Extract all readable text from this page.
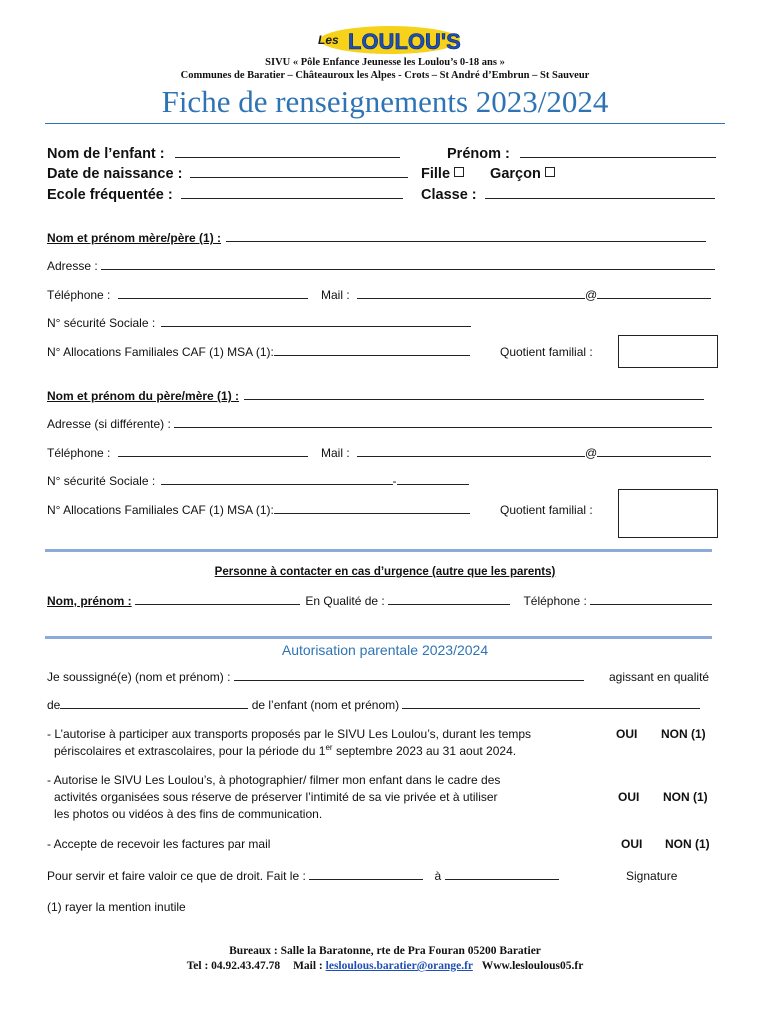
Les LOULOU'S
SIVU « Pôle Enfance Jeunesse les Loulou’s 0-18 ans »
Communes de Baratier – Châteauroux les Alpes - Crots – St André d’Embrun – St Sauveur
Fiche de renseignements 2023/2024
Nom de l’enfant :	Prénom :
Date de naissance :	Fille	Garçon
Ecole fréquentée :	Classe :
Nom et prénom mère/père (1) :
Adresse :
Téléphone :	Mail :	@
N° sécurité Sociale :
N° Allocations Familiales CAF (1) MSA (1):	Quotient familial :
Nom et prénom du père/mère (1) :
Adresse (si différente) :
Téléphone :	Mail :	@
N° sécurité Sociale :	-
N° Allocations Familiales CAF (1) MSA (1):	Quotient familial :
Personne à contacter en cas d’urgence (autre que les parents)
Nom, prénom :	En Qualité de :	Téléphone :
Autorisation parentale 2023/2024
Je soussigné(e) (nom et prénom) :	agissant en qualité
de	de l’enfant (nom et prénom)
- L’autorise à participer aux transports proposés par le SIVU Les Loulou’s, durant les temps
périscolaires et extrascolaires, pour la période du 1er septembre 2023 au 31 aout 2024.
OUI NON (1)
- Autorise le SIVU Les Loulou’s, à photographier/ filmer mon enfant dans le cadre des
activités organisées sous réserve de préserver l’intimité de sa vie privée et à utiliser
les photos ou vidéos à des fins de communication.
OUI NON (1)
- Accepte de recevoir les factures par mail	OUI NON (1)
Pour servir et faire valoir ce que de droit. Fait le :	à	Signature
(1) rayer la mention inutile
Bureaux : Salle la Baratonne, rte de Pra Fouran 05200 Baratier
Tel : 04.92.43.47.78 Mail : lesloulous.baratier@orange.fr Www.lesloulous05.fr
